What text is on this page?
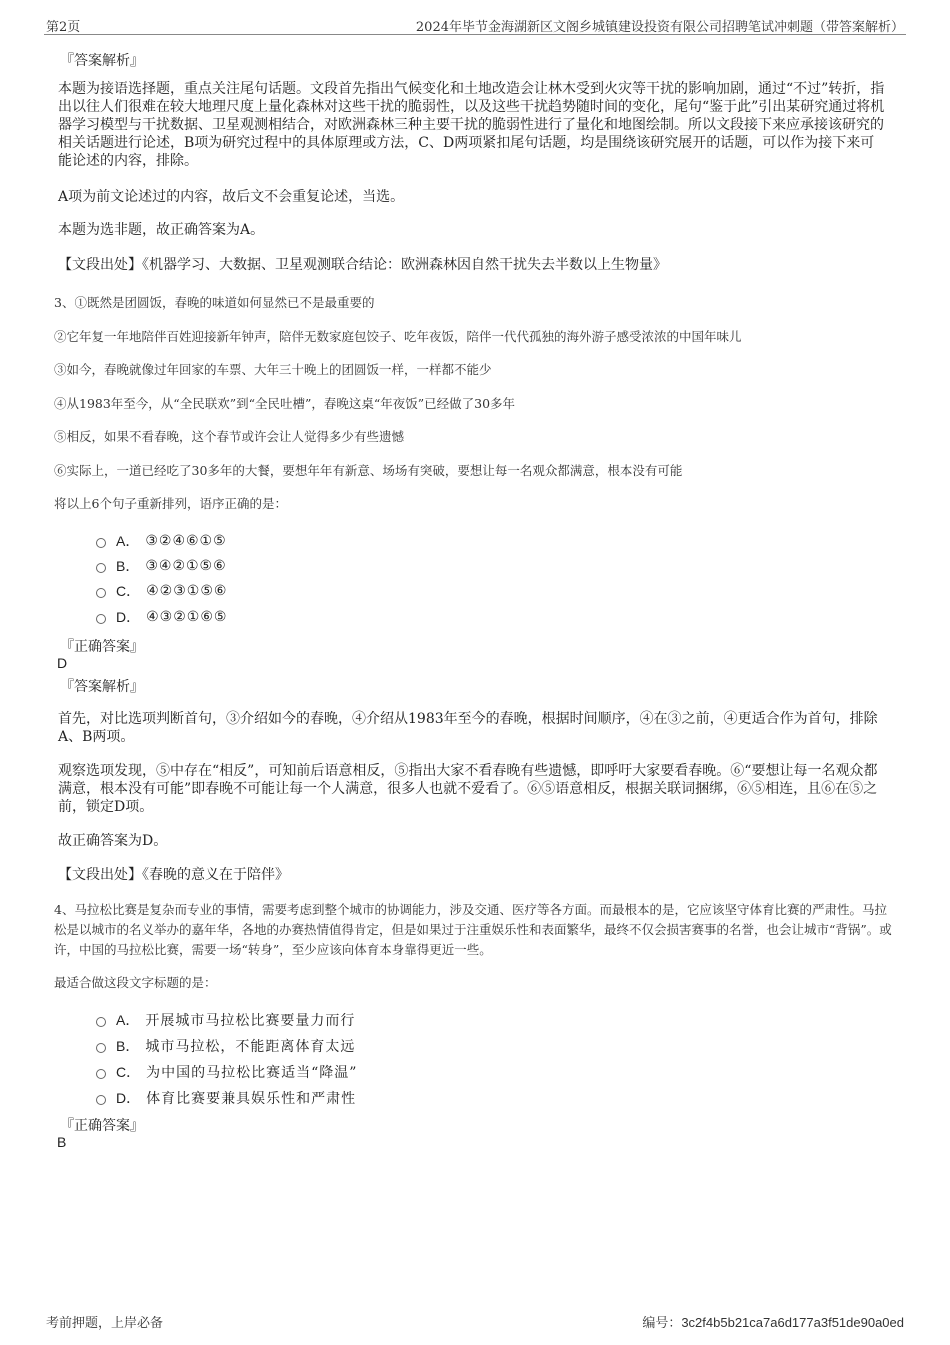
第2页	2024年毕节金海湖新区文阁乡城镇建设投资有限公司招聘笔试冲刺题（带答案解析）
『答案解析』
本题为接语选择题，重点关注尾句话题。文段首先指出气候变化和土地改造会让林木受到火灾等干扰的影响加剧，通过“不过”转折，指出以往人们很难在较大地理尺度上量化森林对这些干扰的脆弱性，以及这些干扰趋势随时间的变化，尾句“鉴于此”引出某研究通过将机器学习模型与干扰数据、卫星观测相结合，对欧洲森林三种主要干扰的脆弱性进行了量化和地图绘制。所以文段接下来应承接该研究的相关话题进行论述，B项为研究过程中的具体原理或方法，C、D两项紧扣尾句话题，均是围绕该研究展开的话题，可以作为接下来可能论述的内容，排除。
A项为前文论述过的内容，故后文不会重复论述，当选。
本题为选非题，故正确答案为A。
【文段出处】《机器学习、大数据、卫星观测联合结论：欧洲森林因自然干扰失去半数以上生物量》
3、①既然是团圆饭，春晚的味道如何显然已不是最重要的
②它年复一年地陪伴百姓迎接新年钟声，陪伴无数家庭包饺子、吃年夜饭，陪伴一代代孤独的海外游子感受浓浓的中国年味儿
③如今，春晚就像过年回家的车票、大年三十晚上的团圆饭一样，一样都不能少
④从1983年至今，从“全民联欢”到“全民吐槽”，春晚这桌“年夜饭”已经做了30多年
⑤相反，如果不看春晚，这个春节或许会让人觉得多少有些遗憾
⑥实际上，一道已经吃了30多年的大餐，要想年年有新意、场场有突破，要想让每一名观众都满意，根本没有可能
将以上6个句子重新排列，语序正确的是：
A． ③②④⑥①⑤
B． ③④②①⑤⑥
C． ④②③①⑤⑥
D． ④③②①⑥⑤
『正确答案』
D
『答案解析』
首先，对比选项判断首句，③介绍如今的春晚，④介绍从1983年至今的春晚，根据时间顺序，④在③之前，④更适合作为首句，排除A、B两项。
观察选项发现，⑤中存在“相反”，可知前后语意相反，⑤指出大家不看春晚有些遗憾，即呼吁大家要看春晚。⑥“要想让每一名观众都满意，根本没有可能”即春晚不可能让每一个人满意，很多人也就不爱看了。⑥⑤语意相反，根据关联词捆绑，⑥⑤相连，且⑥在⑤之前，锁定D项。
故正确答案为D。
【文段出处】《春晚的意义在于陪伴》
4、马拉松比赛是复杂而专业的事情，需要考虑到整个城市的协调能力，涉及交通、医疗等各方面。而最根本的是，它应该坚守体育比赛的严肃性。马拉松是以城市的名义举办的嘉年华，各地的办赛热情值得肯定，但是如果过于注重娱乐性和表面繁华，最终不仅会损害赛事的名誉，也会让城市“背锅”。或许，中国的马拉松比赛，需要一场“转身”，至少应该向体育本身靠得更近一些。
最适合做这段文字标题的是：
A． 开展城市马拉松比赛要量力而行
B． 城市马拉松，不能距离体育太远
C． 为中国的马拉松比赛适当“降温”
D． 体育比赛要兼具娱乐性和严肃性
『正确答案』
B
考前押题，上岸必备	编号：3c2f4b5b21ca7a6d177a3f51de90a0ed
